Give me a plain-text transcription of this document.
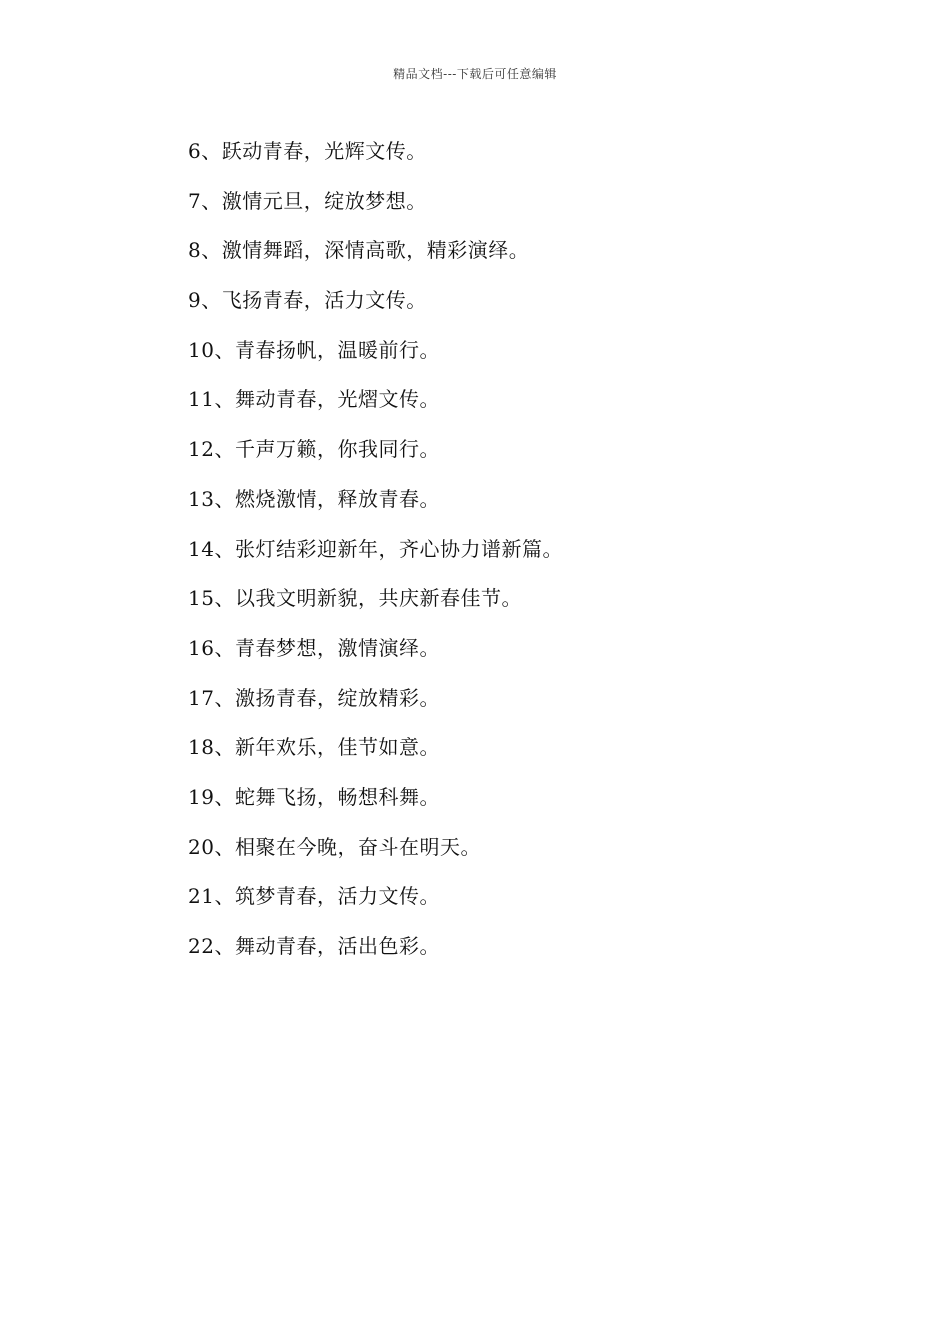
精品文档---下载后可任意编辑
6、跃动青春，光辉文传。
7、激情元旦，绽放梦想。
8、激情舞蹈，深情高歌，精彩演绎。
9、飞扬青春，活力文传。
10、青春扬帆，温暖前行。
11、舞动青春，光熠文传。
12、千声万籁，你我同行。
13、燃烧激情，释放青春。
14、张灯结彩迎新年，齐心协力谱新篇。
15、以我文明新貌，共庆新春佳节。
16、青春梦想，激情演绎。
17、激扬青春，绽放精彩。
18、新年欢乐，佳节如意。
19、蛇舞飞扬，畅想科舞。
20、相聚在今晚，奋斗在明天。
21、筑梦青春，活力文传。
22、舞动青春，活出色彩。
